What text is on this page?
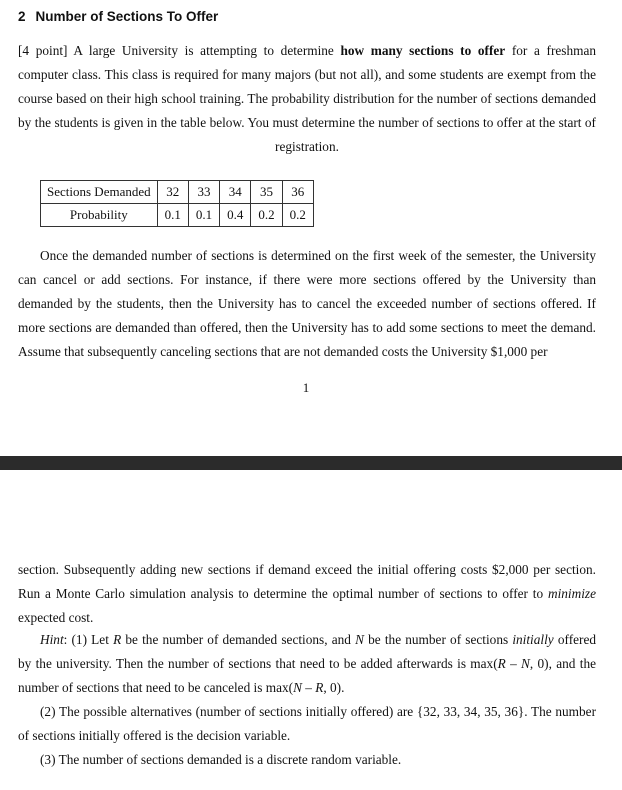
2 Number of Sections To Offer

[4 point] A large University is attempting to determine how many sections to offer for a freshman computer class. This class is required for many majors (but not all), and some students are exempt from the course based on their high school training. The probability distribution for the number of sections demanded by the students is given in the table below. You must determine the number of sections to offer at the start of registration.

Sections Demanded	32	33	34	35	36
Probability	0.1	0.1	0.4	0.2	0.2

Once the demanded number of sections is determined on the first week of the semester, the University can cancel or add sections. For instance, if there were more sections offered by the University than demanded by the students, then the University has to cancel the exceeded number of sections offered. If more sections are demanded than offered, then the University has to add some sections to meet the demand. Assume that subsequently canceling sections that are not demanded costs the University $1,000 per

1

section. Subsequently adding new sections if demand exceed the initial offering costs $2,000 per section. Run a Monte Carlo simulation analysis to determine the optimal number of sections to offer to minimize expected cost.

Hint: (1) Let R be the number of demanded sections, and N be the number of sections initially offered by the university. Then the number of sections that need to be added afterwards is max(R – N, 0), and the number of sections that need to be canceled is max(N – R, 0).

(2) The possible alternatives (number of sections initially offered) are {32, 33, 34, 35, 36}. The number of sections initially offered is the decision variable.

(3) The number of sections demanded is a discrete random variable.
